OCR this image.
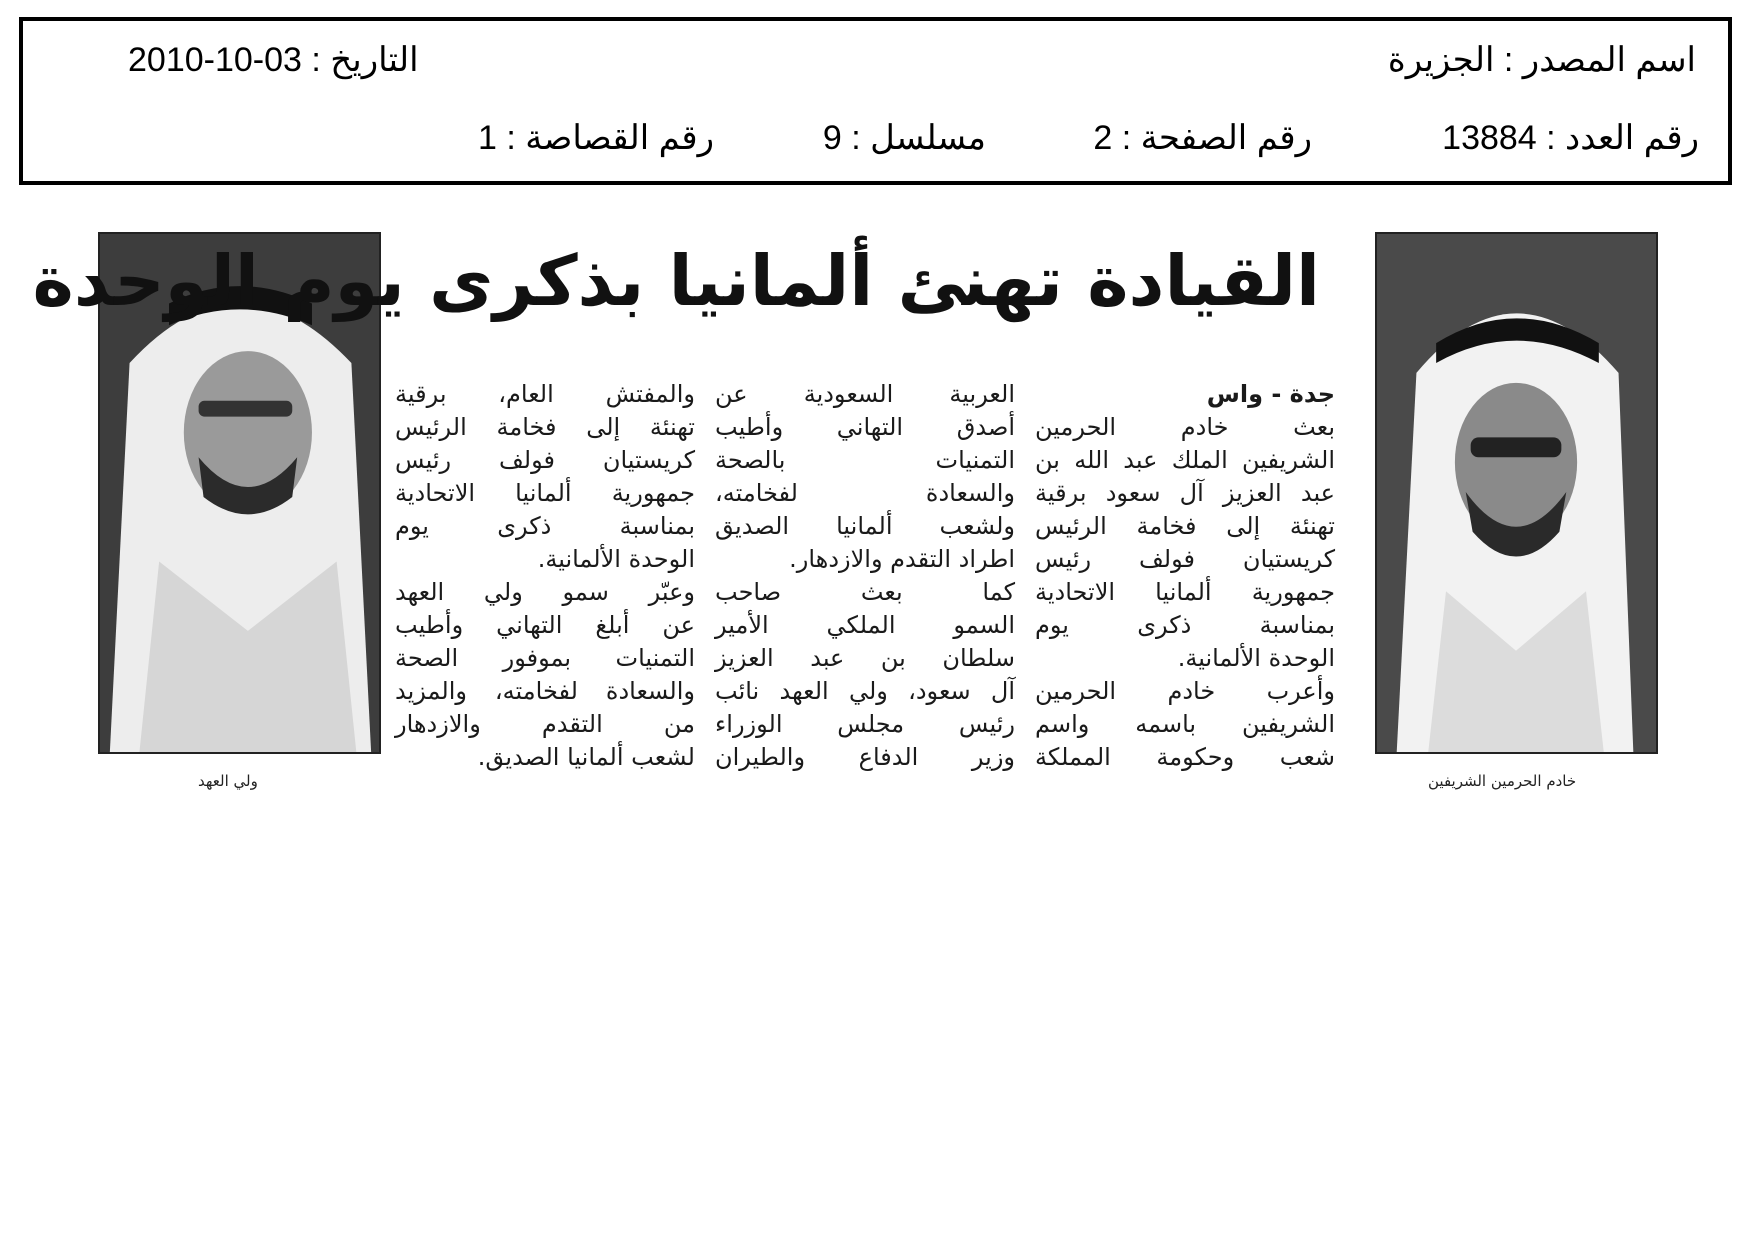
اسم المصدر : الجزيرة
التاريخ : 03-10-2010
رقم العدد : 13884
رقم الصفحة : 2
مسلسل : 9
رقم القصاصة : 1
خادم الحرمين الشريفين
ولي العهد
القيادة تهنئ ألمانيا بذكرى يوم الوحدة

جدة - واس

بعث خادم الحرمين

الشريفين الملك عبد الله بن

عبد العزيز آل سعود برقية

تهنئة إلى فخامة الرئيس

كريستيان فولف رئيس

جمهورية ألمانيا الاتحادية

بمناسبة ذكرى يوم

الوحدة الألمانية.

وأعرب خادم الحرمين

الشريفين باسمه واسم

شعب وحكومة المملكة

العربية السعودية عن

أصدق التهاني وأطيب

التمنيات بالصحة

والسعادة لفخامته،

ولشعب ألمانيا الصديق

اطراد التقدم والازدهار.

كما بعث صاحب

السمو الملكي الأمير

سلطان بن عبد العزيز

آل سعود، ولي العهد نائب

رئيس مجلس الوزراء

وزير الدفاع والطيران

والمفتش العام، برقية

تهنئة إلى فخامة الرئيس

كريستيان فولف رئيس

جمهورية ألمانيا الاتحادية

بمناسبة ذكرى يوم

الوحدة الألمانية.

وعبّر سمو ولي العهد

عن أبلغ التهاني وأطيب

التمنيات بموفور الصحة

والسعادة لفخامته، والمزيد

من التقدم والازدهار

لشعب ألمانيا الصديق.
